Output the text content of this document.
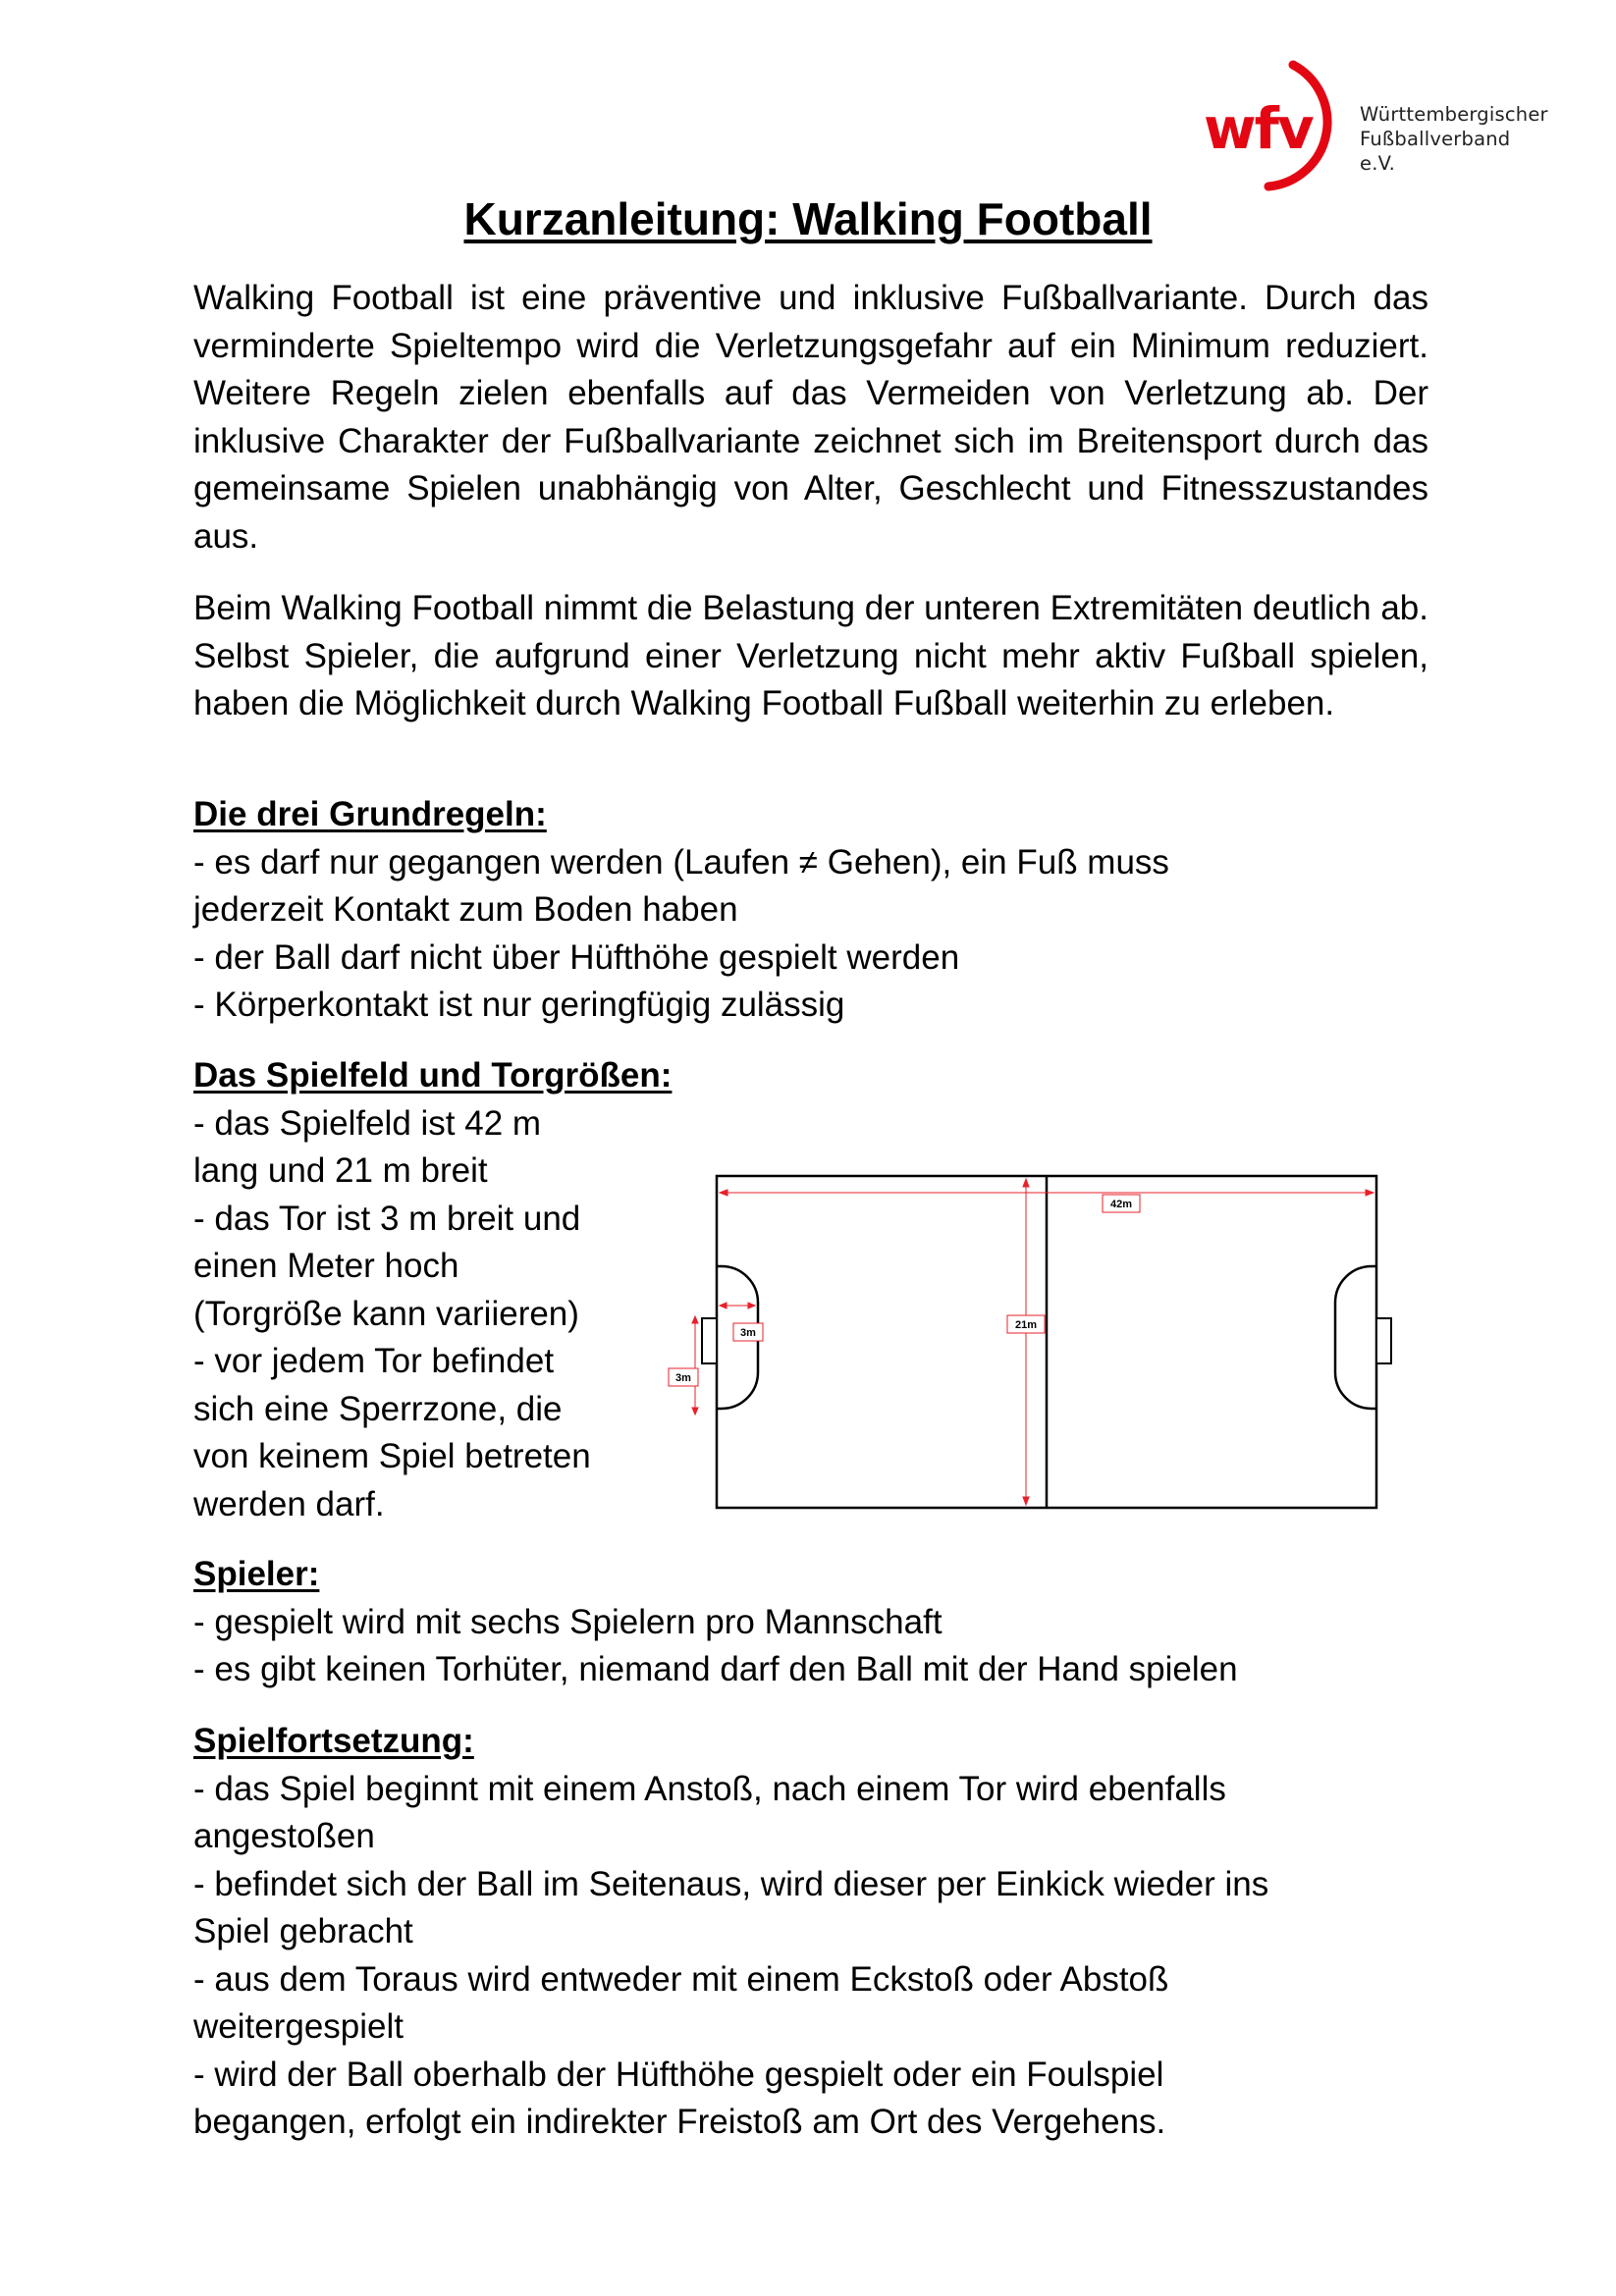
wfv Württembergischer
Fußballverband e.V.
Kurzanleitung: Walking Football

Walking Football ist eine präventive und inklusive Fußballvariante. Durch das verminderte Spieltempo wird die Verletzungsgefahr auf ein Minimum reduziert. Weitere Regeln zielen ebenfalls auf das Vermeiden von Verletzung ab. Der inklusive Charakter der Fußballvariante zeichnet sich im Breitensport durch das gemeinsame Spielen unabhängig von Alter, Geschlecht und Fitnesszustandes aus.

Beim Walking Football nimmt die Belastung der unteren Extremitäten deutlich ab. Selbst Spieler, die aufgrund einer Verletzung nicht mehr aktiv Fußball spielen, haben die Möglichkeit durch Walking Football Fußball weiterhin zu erleben.

Die drei Grundregeln:
- es darf nur gegangen werden (Laufen ≠ Gehen), ein Fuß muss
jederzeit Kontakt zum Boden haben
- der Ball darf nicht über Hüfthöhe gespielt werden
- Körperkontakt ist nur geringfügig zulässig
Das Spielfeld und Torgrößen:
- das Spielfeld ist 42 m
lang und 21 m breit
- das Tor ist 3 m breit und
einen Meter hoch
(Torgröße kann variieren)
- vor jedem Tor befindet
sich eine Sperrzone, die
von keinem Spiel betreten
werden darf.
42m
21m
3m
3m
Spieler:
- gespielt wird mit sechs Spielern pro Mannschaft
- es gibt keinen Torhüter, niemand darf den Ball mit der Hand spielen
Spielfortsetzung:
- das Spiel beginnt mit einem Anstoß, nach einem Tor wird ebenfalls
angestoßen
- befindet sich der Ball im Seitenaus, wird dieser per Einkick wieder ins
Spiel gebracht
- aus dem Toraus wird entweder mit einem Eckstoß oder Abstoß
weitergespielt
- wird der Ball oberhalb der Hüfthöhe gespielt oder ein Foulspiel
begangen, erfolgt ein indirekter Freistoß am Ort des Vergehens.
